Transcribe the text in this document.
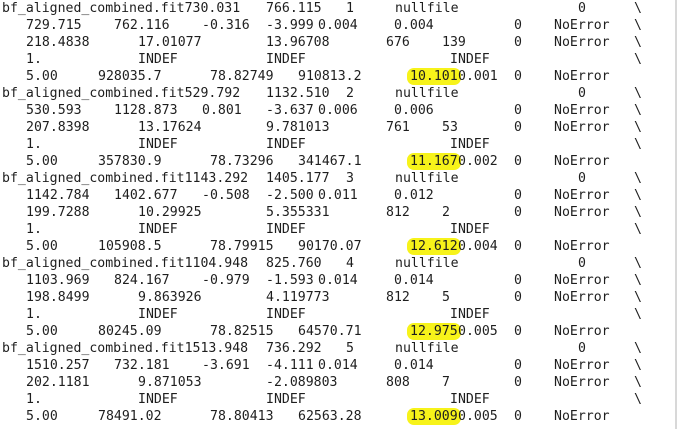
bf_aligned_combined.fit730.031 766.115 1	nullfile	0	\
729.715 762.116 -0.316 -3.999 0.004	0.004	0 NoError \
218.4838	17.01077	13.96708	676 139	0 NoError \
1.	INDEF	INDEF	INDEF	\
5.00	928035.7	78.82749 910813.2	10.101 0.001 0 NoError
bf_aligned_combined.fit529.792 1132.510 2	nullfile	0	\
530.593 1128.873 0.801 -3.637 0.006	0.006	0 NoError \
207.8398	13.17624	9.781013	761 53	0 NoError \
1.	INDEF	INDEF	INDEF	\
5.00	357830.9	78.73296 341467.1	11.167 0.002 0 NoError
bf_aligned_combined.fit1143.292 1405.177 3	nullfile	0	\
1142.784 1402.677 -0.508 -2.500 0.011	0.012	0 NoError \
199.7288	10.29925	5.355331	812 2	0 NoError \
1.	INDEF	INDEF	INDEF	\
5.00	105908.5	78.79915 90170.07	12.612 0.004 0 NoError
bf_aligned_combined.fit1104.948 825.760 4	nullfile	0	\
1103.969 824.167 -0.979 -1.593 0.014	0.014	0 NoError \
198.8499	9.863926	4.119773	812 5	0 NoError \
1.	INDEF	INDEF	INDEF	\
5.00	80245.09	78.82515 64570.71	12.975 0.005 0 NoError
bf_aligned_combined.fit1513.948 736.292 5	nullfile	0	\
1510.257 732.181 -3.691 -4.111 0.014	0.014	0 NoError \
202.1181	9.871053	-2.089803	808 7	0 NoError \
1.	INDEF	INDEF	INDEF	\
5.00	78491.02	78.80413 62563.28	13.009 0.005 0 NoError
